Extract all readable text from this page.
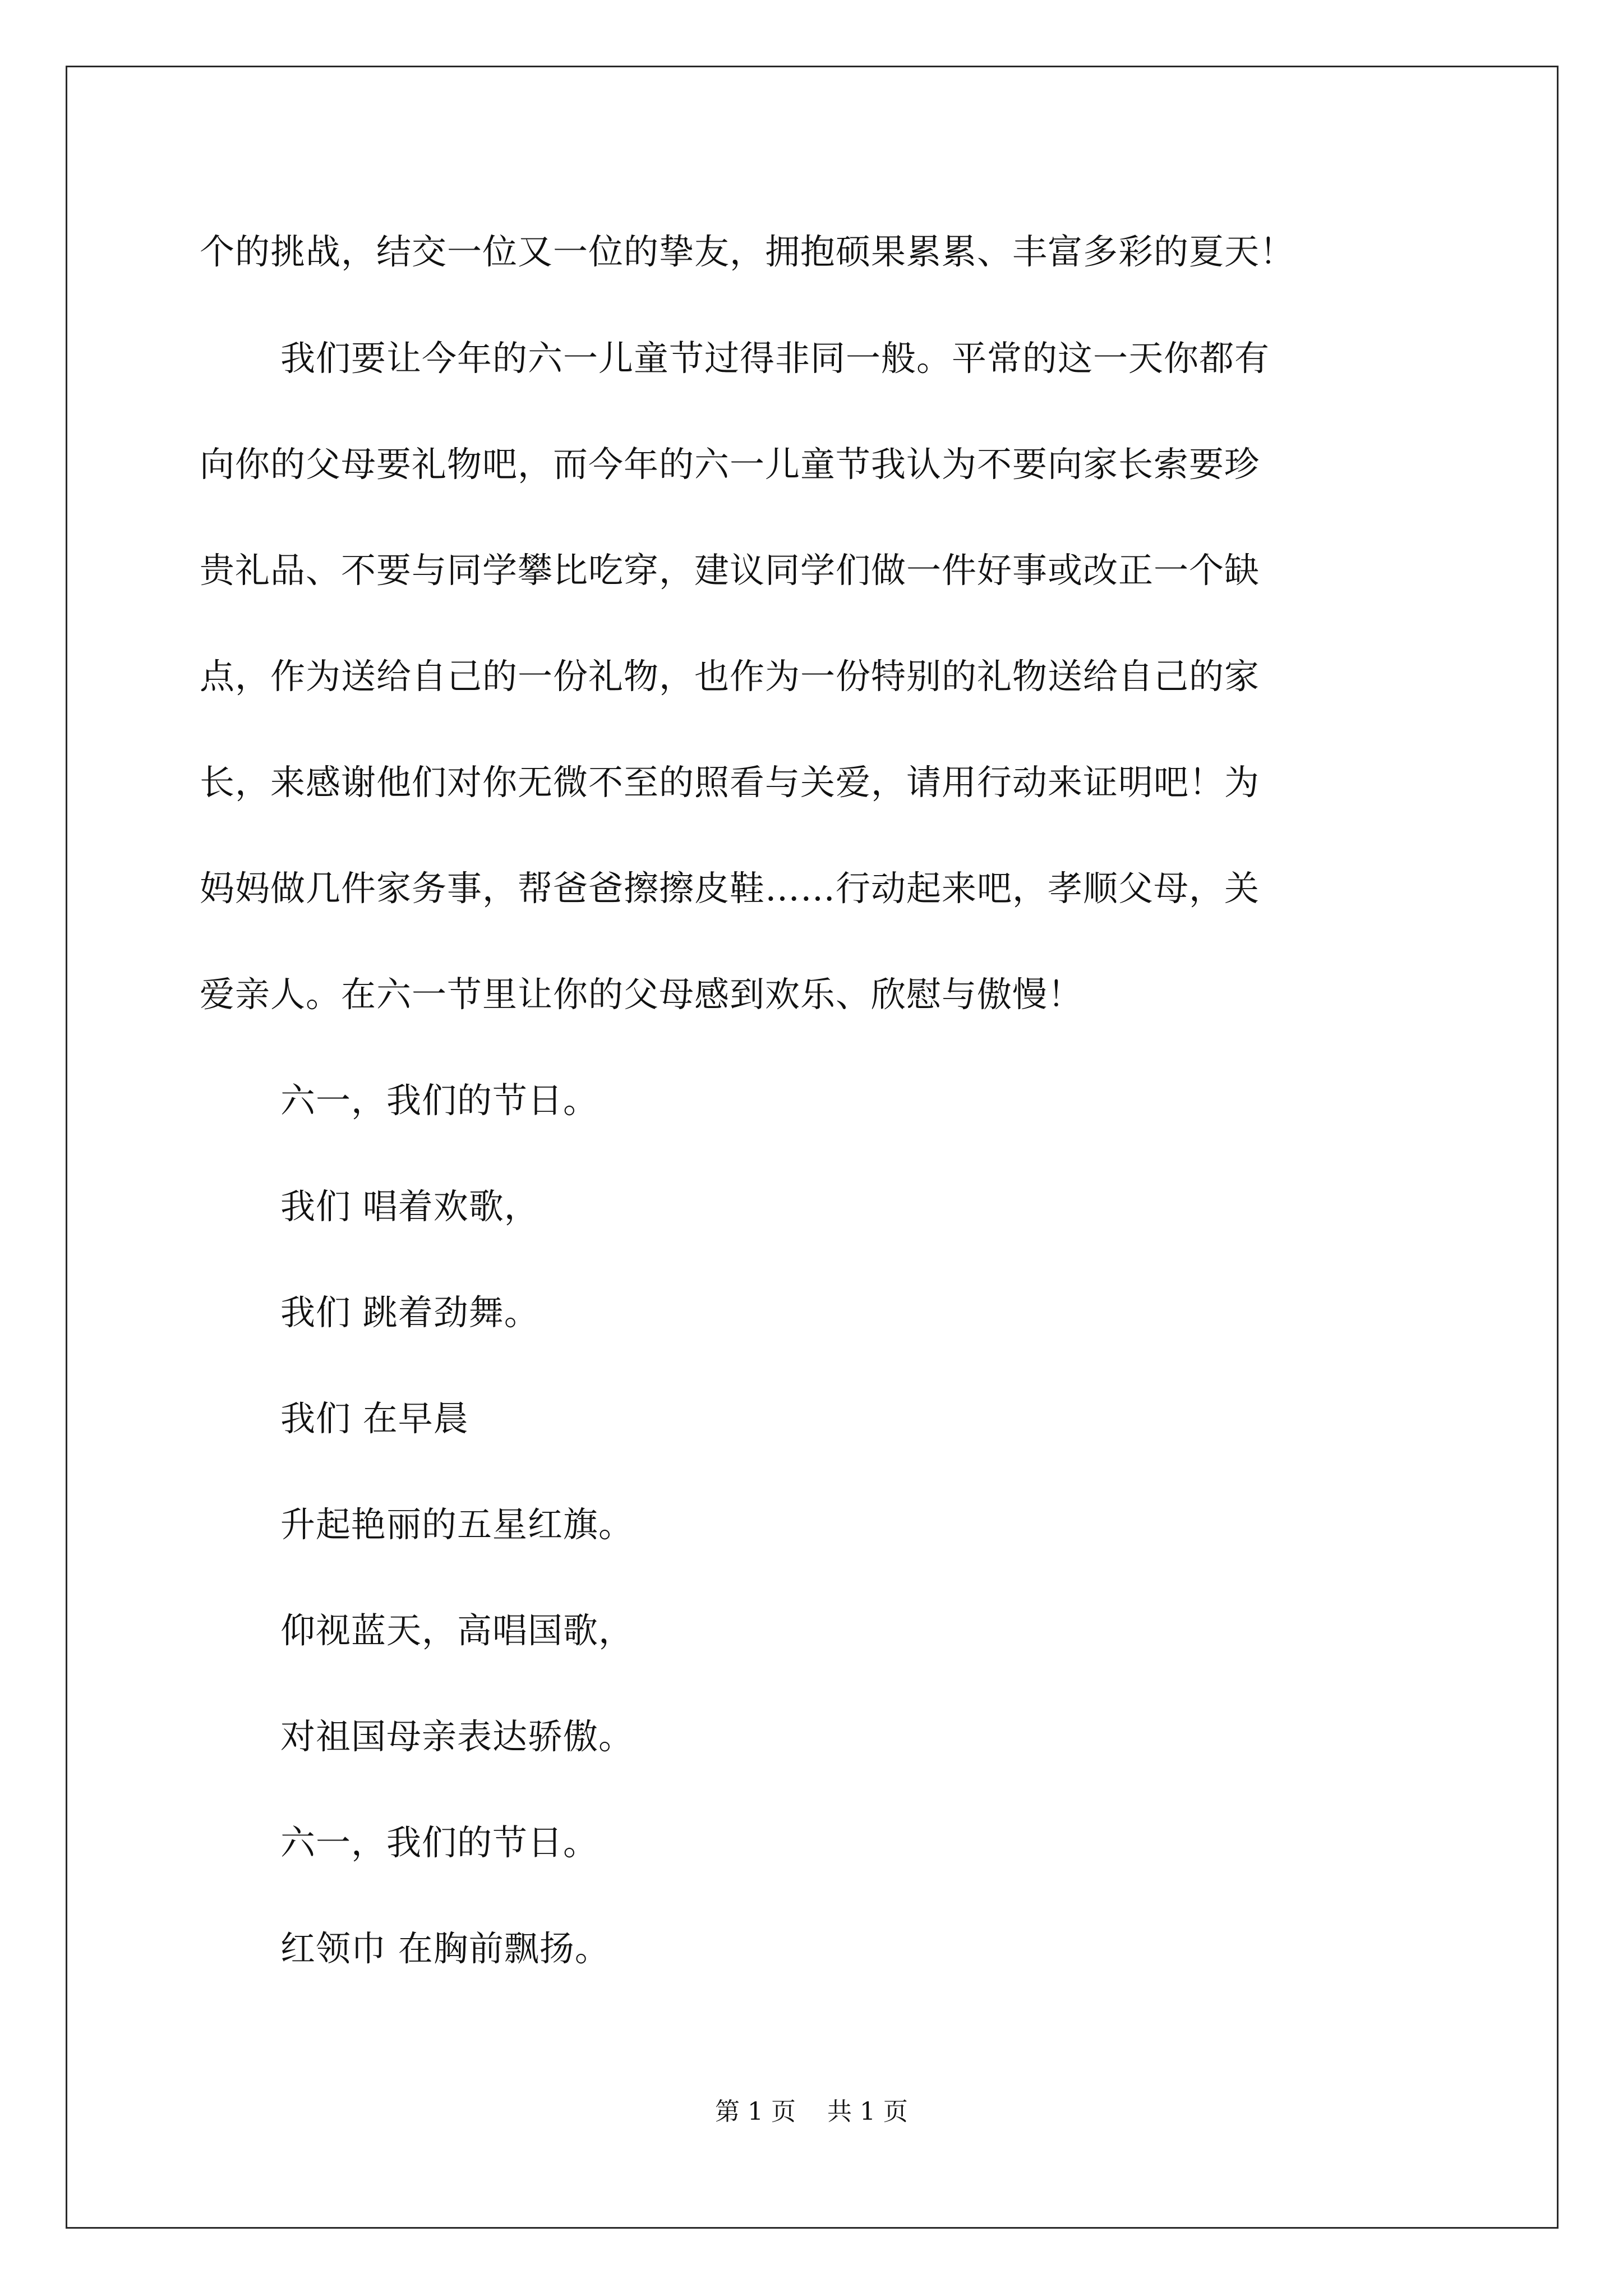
个的挑战，结交一位又一位的挚友，拥抱硕果累累、丰富多彩的夏天！
我们要让今年的六一儿童节过得非同一般。平常的这一天你都有
向你的父母要礼物吧，而今年的六一儿童节我认为不要向家长索要珍
贵礼品、不要与同学攀比吃穿，建议同学们做一件好事或改正一个缺
点，作为送给自己的一份礼物，也作为一份特别的礼物送给自己的家
长，来感谢他们对你无微不至的照看与关爱，请用行动来证明吧！为
妈妈做几件家务事，帮爸爸擦擦皮鞋……行动起来吧，孝顺父母，关
爱亲人。在六一节里让你的父母感到欢乐、欣慰与傲慢！
六一，我们的节日。
我们 唱着欢歌，
我们 跳着劲舞。
我们 在早晨
升起艳丽的五星红旗。
仰视蓝天，高唱国歌，
对祖国母亲表达骄傲。
六一，我们的节日。
红领巾 在胸前飘扬。
第 1 页    共 1 页
